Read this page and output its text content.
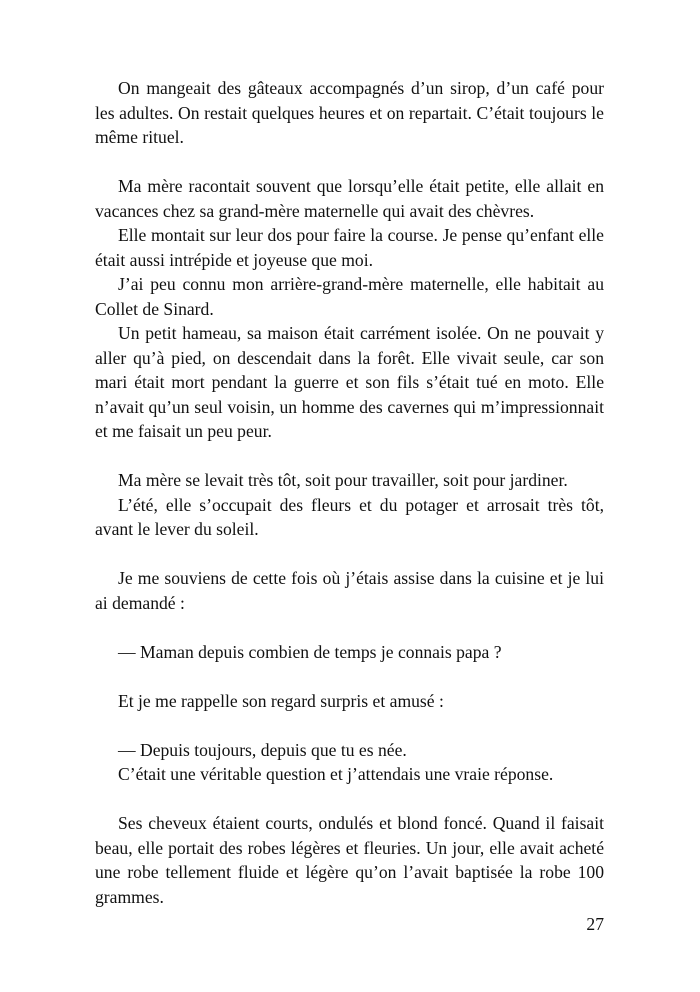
On mangeait des gâteaux accompagnés d’un sirop, d’un café pour les adultes. On restait quelques heures et on repartait. C’était toujours le même rituel.

Ma mère racontait souvent que lorsqu’elle était petite, elle allait en vacances chez sa grand-mère maternelle qui avait des chèvres.

Elle montait sur leur dos pour faire la course. Je pense qu’enfant elle était aussi intrépide et joyeuse que moi.

J’ai peu connu mon arrière-grand-mère maternelle, elle habitait au Collet de Sinard.

Un petit hameau, sa maison était carrément isolée. On ne pouvait y aller qu’à pied, on descendait dans la forêt. Elle vivait seule, car son mari était mort pendant la guerre et son fils s’était tué en moto. Elle n’avait qu’un seul voisin, un homme des cavernes qui m’impressionnait et me faisait un peu peur.

Ma mère se levait très tôt, soit pour travailler, soit pour jardiner.

L’été, elle s’occupait des fleurs et du potager et arrosait très tôt, avant le lever du soleil.

Je me souviens de cette fois où j’étais assise dans la cuisine et je lui ai demandé :

— Maman depuis combien de temps je connais papa ?

Et je me rappelle son regard surpris et amusé :

— Depuis toujours, depuis que tu es née.

C’était une véritable question et j’attendais une vraie réponse.

Ses cheveux étaient courts, ondulés et blond foncé. Quand il faisait beau, elle portait des robes légères et fleuries. Un jour, elle avait acheté une robe tellement fluide et légère qu’on l’avait baptisée la robe 100 grammes.

27
